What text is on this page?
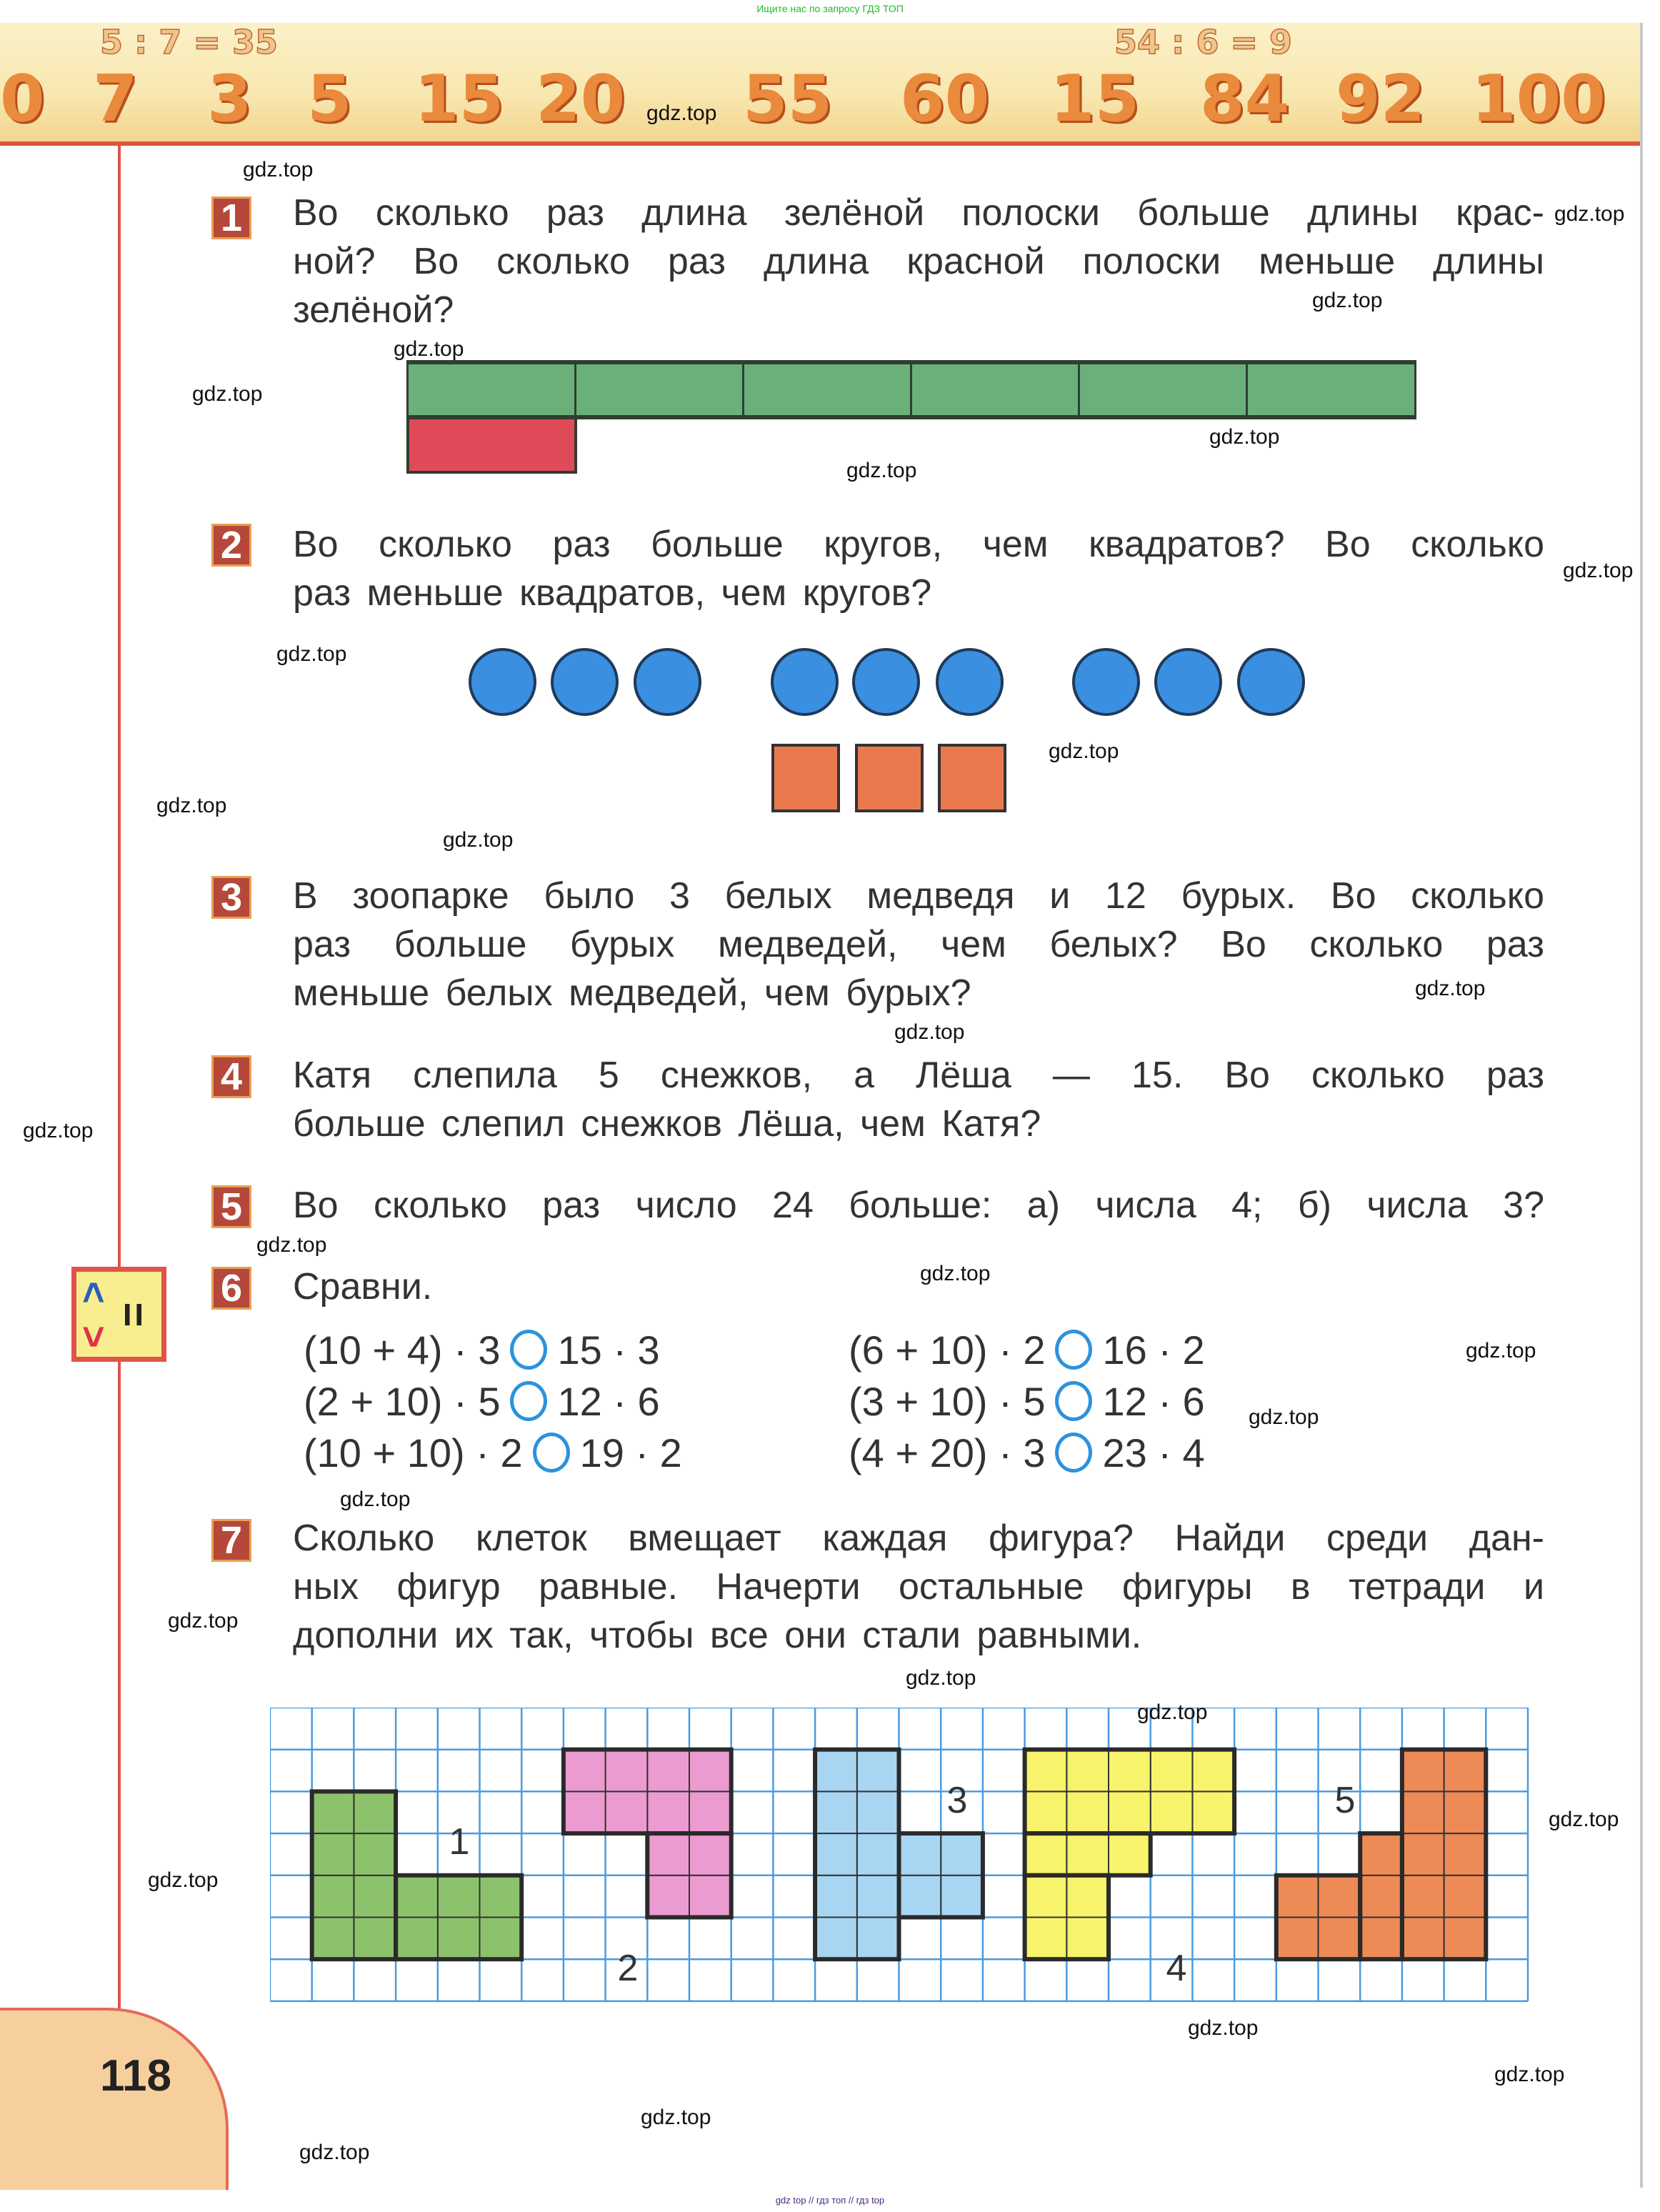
Ищите нас по запросу ГДЗ ТОП
5 : 7 = 35	54 : 6 = 9
0 7 3 5 15 20 55 60 15 84 92 100
1 Во сколько раз длина зелёной полоски больше длины крас-
ной? Во сколько раз длина красной полоски меньше длины
зелёной?
2 Во сколько раз больше кругов, чем квадратов? Во сколько
раз меньше квадратов, чем кругов?
3 В зоопарке было 3 белых медведя и 12 бурых. Во сколько
раз больше бурых медведей, чем белых? Во сколько раз
меньше белых медведей, чем бурых?
4 Катя слепила 5 снежков, а Лёша — 15. Во сколько раз
больше слепил снежков Лёша, чем Катя?
5 Во сколько раз число 24 больше: а) числа 4; б) числа 3?
<
>
=
6 Сравни.
(10 + 4) · 3 15 · 3
(2 + 10) · 5 12 · 6
(10 + 10) · 2 19 · 2
(6 + 10) · 2 16 · 2
(3 + 10) · 5 12 · 6
(4 + 20) · 3 23 · 4
7 Сколько клеток вмещает каждая фигура? Найди среди дан-
ных фигур равные. Начерти остальные фигуры в тетради и
дополни их так, чтобы все они стали равными.
1
2
3
4
5
118
gdz.top
gdz.top
gdz.top
gdz.top
gdz.top
gdz.top
gdz.top
gdz.top
gdz.top
gdz.top
gdz.top
gdz.top
gdz.top
gdz.top
gdz.top
gdz.top
gdz.top
gdz.top
gdz.top
gdz.top
gdz.top
gdz.top
gdz.top
gdz.top
gdz.top
gdz.top
gdz.top
gdz.top
gdz.top
gdz.top
gdz top // гдз топ // гдз top
